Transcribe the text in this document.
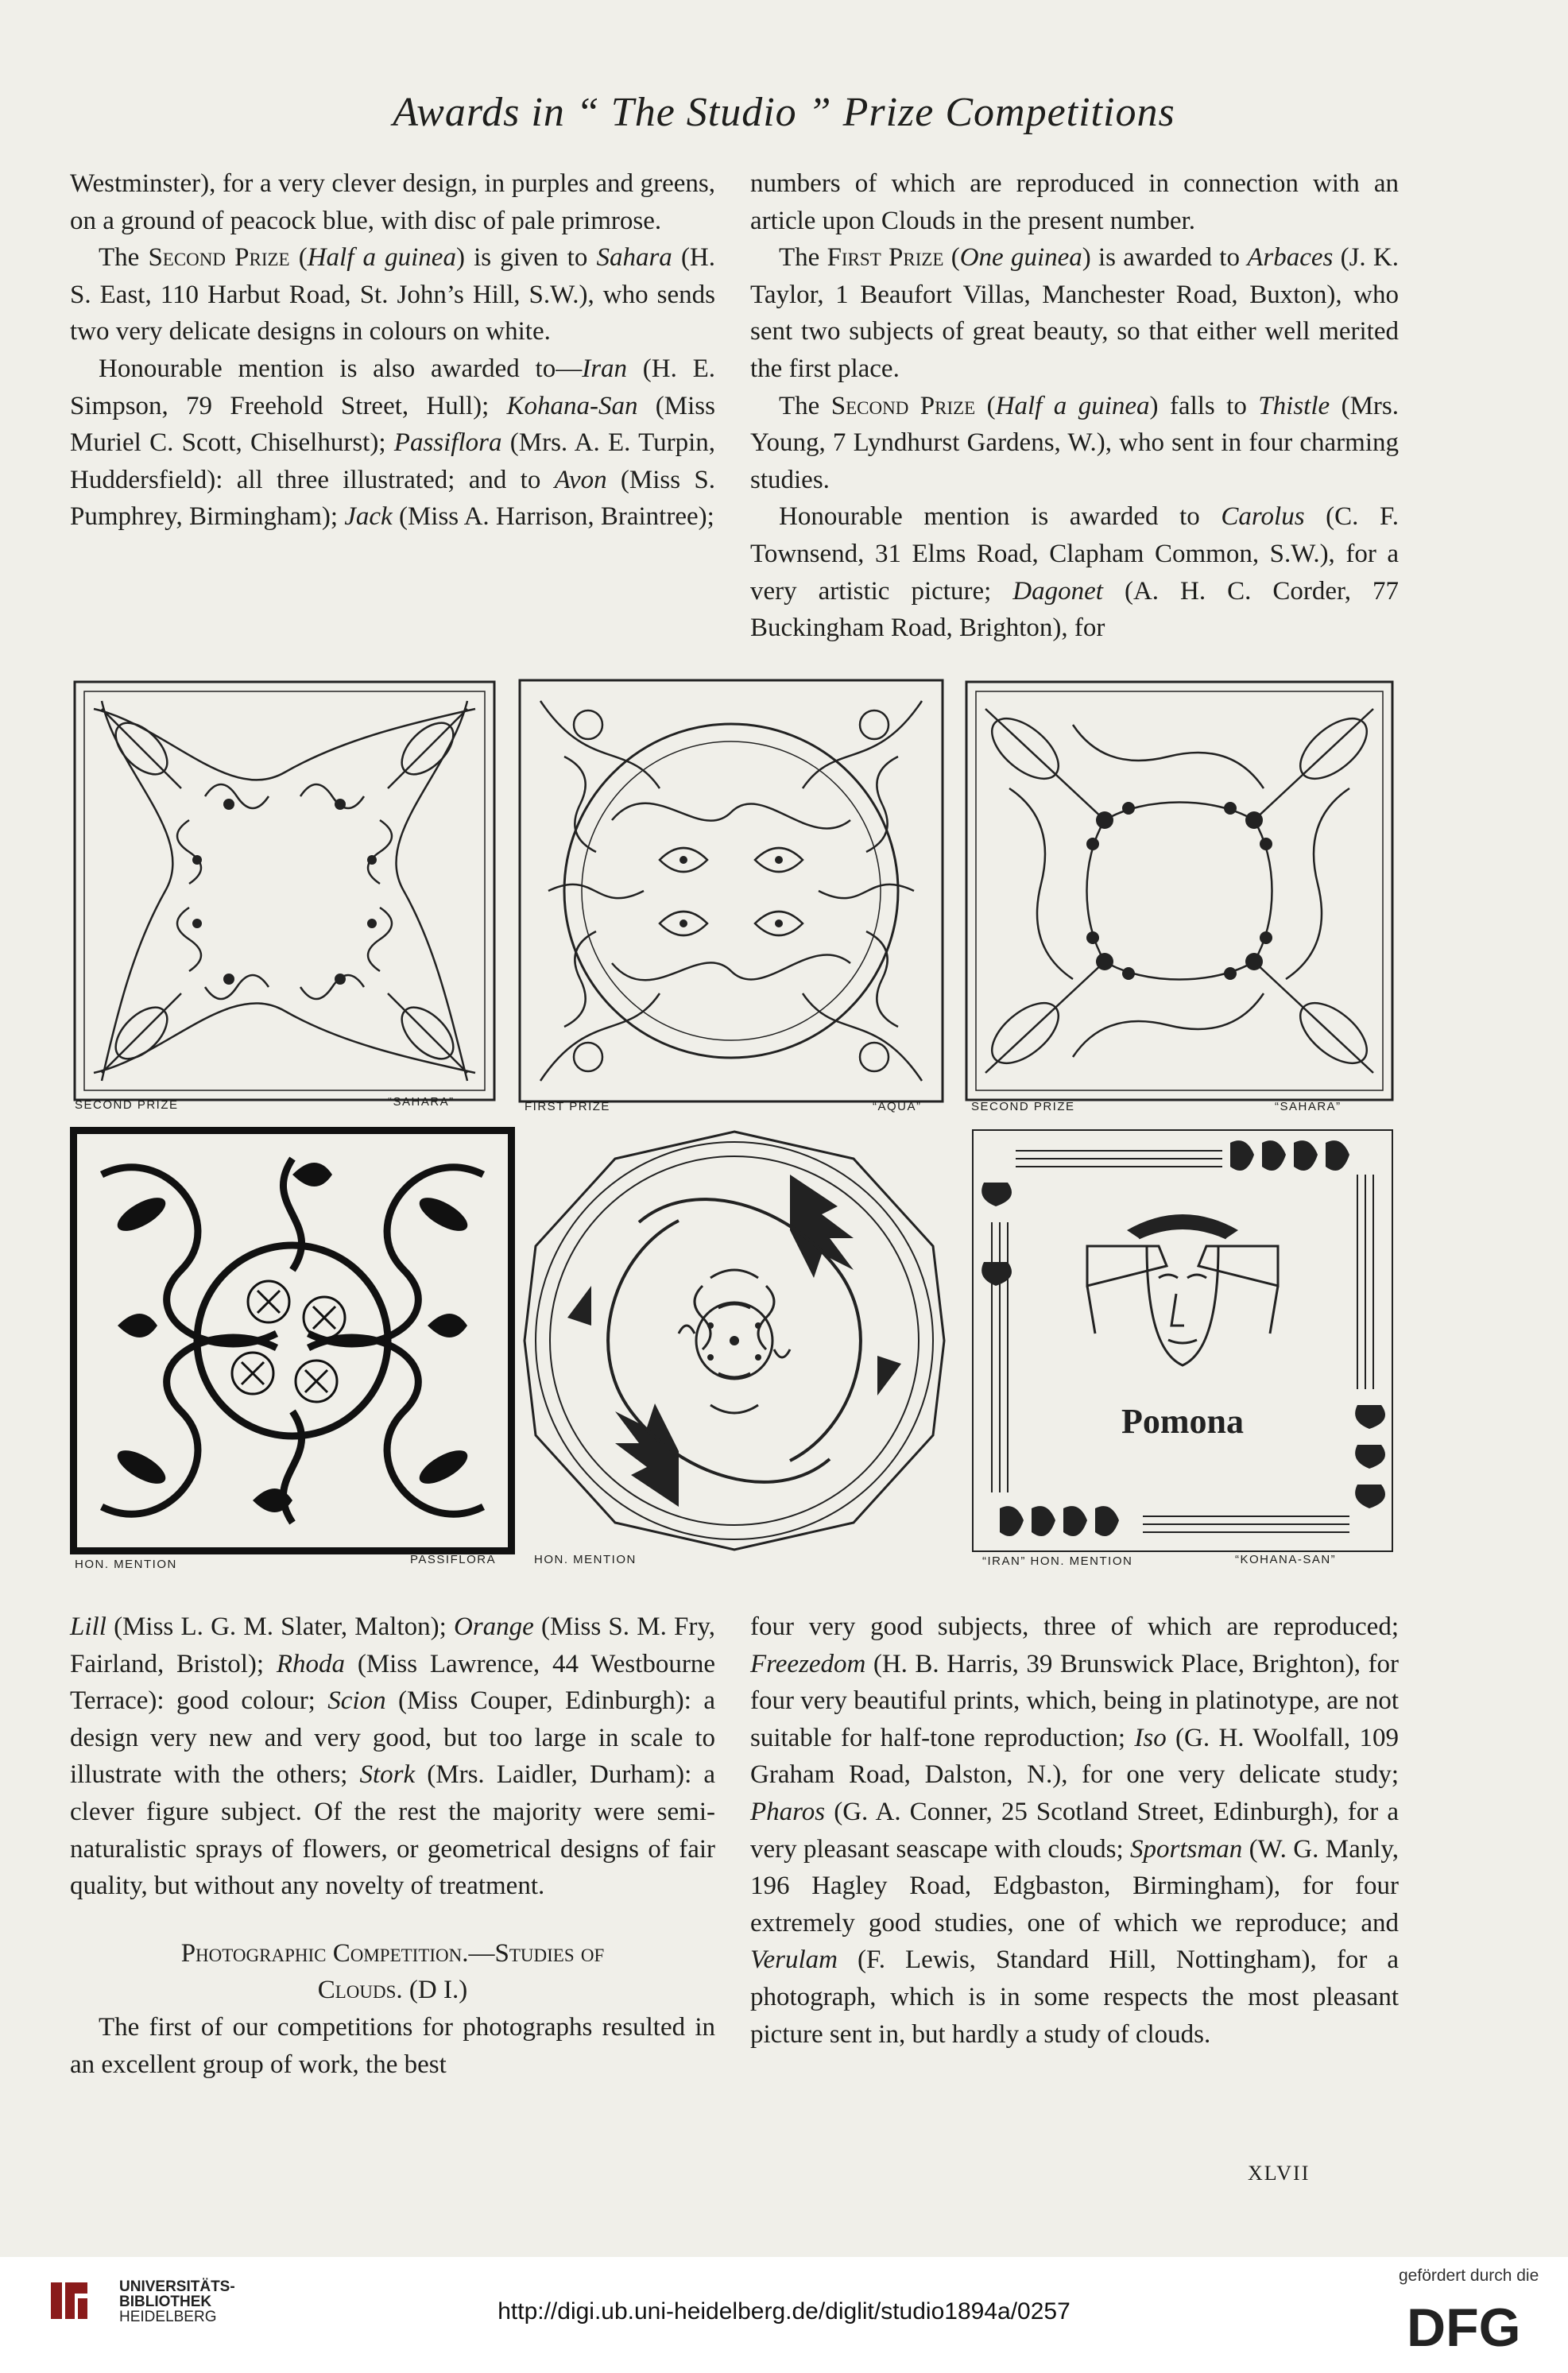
Awards in “ The Studio ” Prize Competitions

Westminster), for a very clever design, in purples and greens, on a ground of peacock blue, with disc of pale primrose.

The Second Prize (Half a guinea) is given to Sahara (H. S. East, 110 Harbut Road, St. John’s Hill, S.W.), who sends two very delicate designs in colours on white.

Honourable mention is also awarded to—Iran (H. E. Simpson, 79 Freehold Street, Hull); Kohana-San (Miss Muriel C. Scott, Chiselhurst); Passiflora (Mrs. A. E. Turpin, Huddersfield): all three illustrated; and to Avon (Miss S. Pumphrey, Birmingham); Jack (Miss A. Harrison, Braintree);

numbers of which are reproduced in connection with an article upon Clouds in the present number.

The First Prize (One guinea) is awarded to Arbaces (J. K. Taylor, 1 Beaufort Villas, Manchester Road, Buxton), who sent two subjects of great beauty, so that either well merited the first place.

The Second Prize (Half a guinea) falls to Thistle (Mrs. Young, 7 Lyndhurst Gardens, W.), who sent in four charming studies.

Honourable mention is awarded to Carolus (C. F. Townsend, 31 Elms Road, Clapham Common, S.W.), for a very artistic picture; Dagonet (A. H. C. Corder, 77 Buckingham Road, Brighton), for

SECOND PRIZE	“SAHARA”	FIRST PRIZE	“AQUA”	SECOND PRIZE	“SAHARA”
HON. MENTION	PASSIFLORA	HON. MENTION
Pomona
“IRAN” HON. MENTION	“KOHANA-SAN”

Lill (Miss L. G. M. Slater, Malton); Orange (Miss S. M. Fry, Fairland, Bristol); Rhoda (Miss Lawrence, 44 Westbourne Terrace): good colour; Scion (Miss Couper, Edinburgh): a design very new and very good, but too large in scale to illustrate with the others; Stork (Mrs. Laidler, Durham): a clever figure subject. Of the rest the majority were semi-naturalistic sprays of flowers, or geometrical designs of fair quality, but without any novelty of treatment.

Photographic Competition.—Studies of
Clouds. (D I.)

The first of our competitions for photographs resulted in an excellent group of work, the best

four very good subjects, three of which are reproduced; Freezedom (H. B. Harris, 39 Brunswick Place, Brighton), for four very beautiful prints, which, being in platinotype, are not suitable for half-tone reproduction; Iso (G. H. Woolfall, 109 Graham Road, Dalston, N.), for one very delicate study; Pharos (G. A. Conner, 25 Scotland Street, Edinburgh), for a very pleasant seascape with clouds; Sportsman (W. G. Manly, 196 Hagley Road, Edgbaston, Birmingham), for four extremely good studies, one of which we reproduce; and Verulam (F. Lewis, Standard Hill, Nottingham), for a photograph, which is in some respects the most pleasant picture sent in, but hardly a study of clouds.

XLVII
UNIVERSITÄTS-
BIBLIOTHEK
HEIDELBERG	http://digi.ub.uni-heidelberg.de/diglit/studio1894a/0257
gefördert durch die
DFG
